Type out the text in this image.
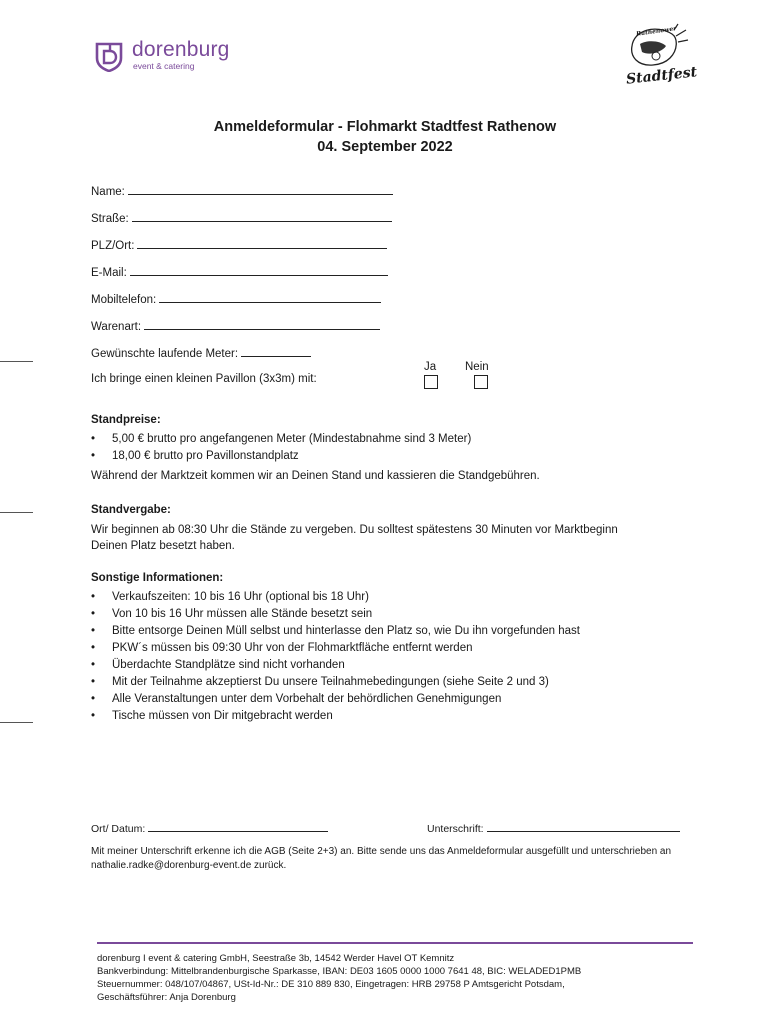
dorenburg
event & catering
Rathenower
Stadtfest
Anmeldeformular - Flohmarkt Stadtfest Rathenow
04. September 2022
Name:
Straße:
PLZ/Ort:
E-Mail:
Mobiltelefon:
Warenart:
Gewünschte laufende Meter:
Ich bringe einen kleinen Pavillon (3x3m) mit:
Ja	Nein
Standpreise:
• 5,00 € brutto pro angefangenen Meter (Mindestabnahme sind 3 Meter)
• 18,00 € brutto pro Pavillonstandplatz
Während der Marktzeit kommen wir an Deinen Stand und kassieren die Standgebühren.
Standvergabe:
Wir beginnen ab 08:30 Uhr die Stände zu vergeben. Du solltest spätestens 30 Minuten vor Marktbeginn Deinen Platz besetzt haben.
Sonstige Informationen:
• Verkaufszeiten: 10 bis 16 Uhr (optional bis 18 Uhr)
• Von 10 bis 16 Uhr müssen alle Stände besetzt sein
• Bitte entsorge Deinen Müll selbst und hinterlasse den Platz so, wie Du ihn vorgefunden hast
• PKW´s müssen bis 09:30 Uhr von der Flohmarktfläche entfernt werden
• Überdachte Standplätze sind nicht vorhanden
• Mit der Teilnahme akzeptierst Du unsere Teilnahmebedingungen (siehe Seite 2 und 3)
• Alle Veranstaltungen unter dem Vorbehalt der behördlichen Genehmigungen
• Tische müssen von Dir mitgebracht werden
Ort/ Datum:	Unterschrift:
Mit meiner Unterschrift erkenne ich die AGB (Seite 2+3) an. Bitte sende uns das Anmeldeformular ausgefüllt und unterschrieben an nathalie.radke@dorenburg-event.de zurück.
dorenburg I event & catering GmbH, Seestraße 3b, 14542 Werder Havel OT Kemnitz
Bankverbindung: Mittelbrandenburgische Sparkasse, IBAN: DE03 1605 0000 1000 7641 48, BIC: WELADED1PMB
Steuernummer: 048/107/04867, USt-Id-Nr.: DE 310 889 830, Eingetragen: HRB 29758 P Amtsgericht Potsdam,
Geschäftsführer: Anja Dorenburg
